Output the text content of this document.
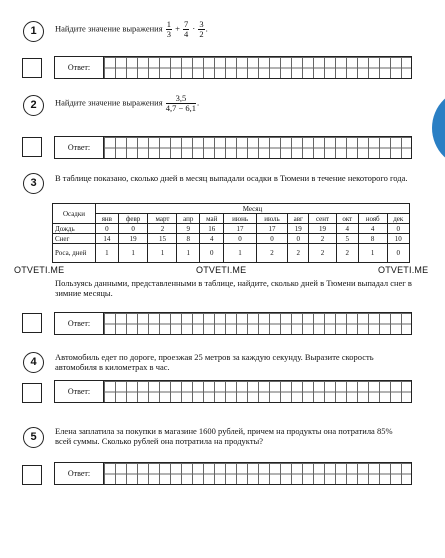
1	Найдите значение выражения $\frac{1}{3} + \frac{7}{4} \cdot \frac{3}{2}$ .
Ответ:
2	Найдите значение выражения $\frac{3,5}{4,7 - 6,1}$ .
Ответ:
3	В таблице показано, сколько дней в месяц выпадали осадки в Тюмени в течение некоторого года.
Осадки	Месяц											
	янв	февр	март	апр	май	июнь	июль	авг	сент	окт	нояб	дек
Дождь	0	0	2	9	16	17	17	19	19	4	4	0
Снег	14	19	15	8	4	0	0	0	2	5	8	10
Роса, дней	1	1	1	1	0	1	2	2	2	2	1	0
OTVETI.ME	OTVETI.ME	OTVETI.ME
Пользуясь данными, представленными в таблице, найдите, сколько дней в Тюмени выпадал снег в зимние месяцы.
Ответ:
4	Автомобиль едет по дороге, проезжая 25 метров за каждую секунду. Выразите скорость автомобиля в километрах в час.
Ответ:
5	Елена заплатила за покупки в магазине 1600 рублей, причем на продукты она потратила 85% всей суммы. Сколько рублей она потратила на продукты?
Ответ:
